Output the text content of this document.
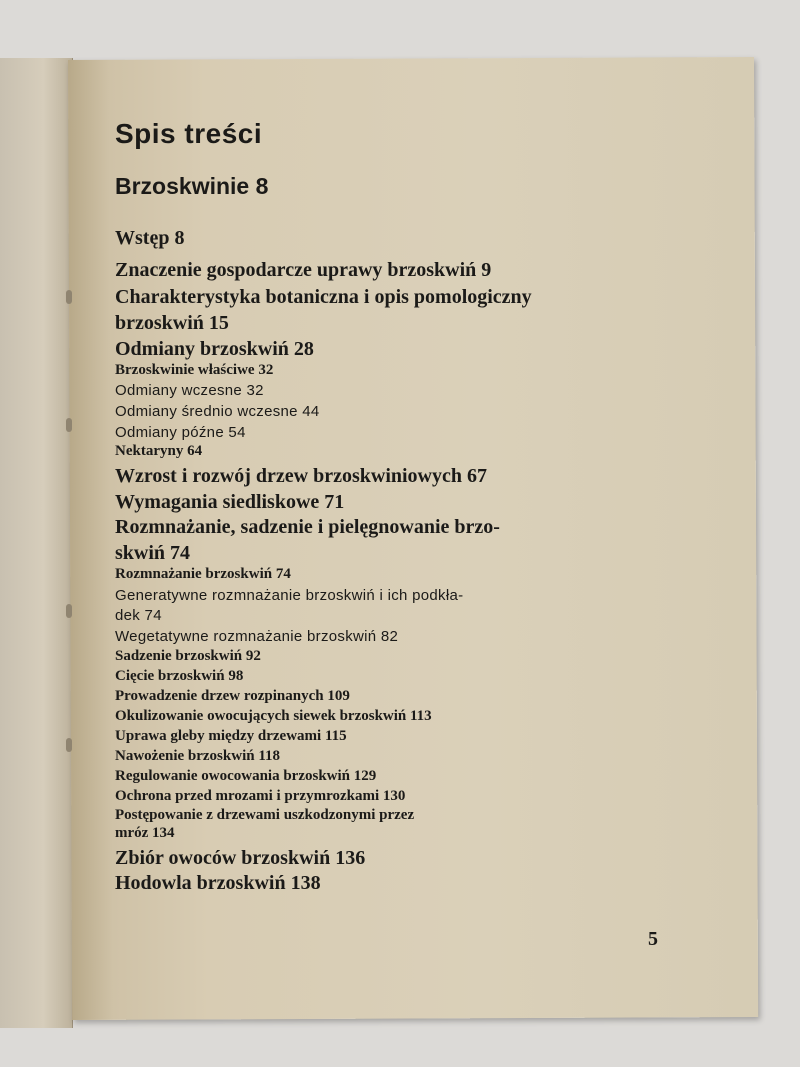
Spis treści
Brzoskwinie 8
Wstęp 8
Znaczenie gospodarcze uprawy brzoskwiń 9
Charakterystyka botaniczna i opis pomologiczny
brzoskwiń 15
Odmiany brzoskwiń 28
Brzoskwinie właściwe 32
Odmiany wczesne 32
Odmiany średnio wczesne 44
Odmiany późne 54
Nektaryny 64
Wzrost i rozwój drzew brzoskwiniowych 67
Wymagania siedliskowe 71
Rozmnażanie, sadzenie i pielęgnowanie brzo-
skwiń 74
Rozmnażanie brzoskwiń 74
Generatywne rozmnażanie brzoskwiń i ich podkła-
dek 74
Wegetatywne rozmnażanie brzoskwiń 82
Sadzenie brzoskwiń 92
Cięcie brzoskwiń 98
Prowadzenie drzew rozpinanych 109
Okulizowanie owocujących siewek brzoskwiń 113
Uprawa gleby między drzewami 115
Nawożenie brzoskwiń 118
Regulowanie owocowania brzoskwiń 129
Ochrona przed mrozami i przymrozkami 130
Postępowanie z drzewami uszkodzonymi przez
mróz 134
Zbiór owoców brzoskwiń 136
Hodowla brzoskwiń 138
5
